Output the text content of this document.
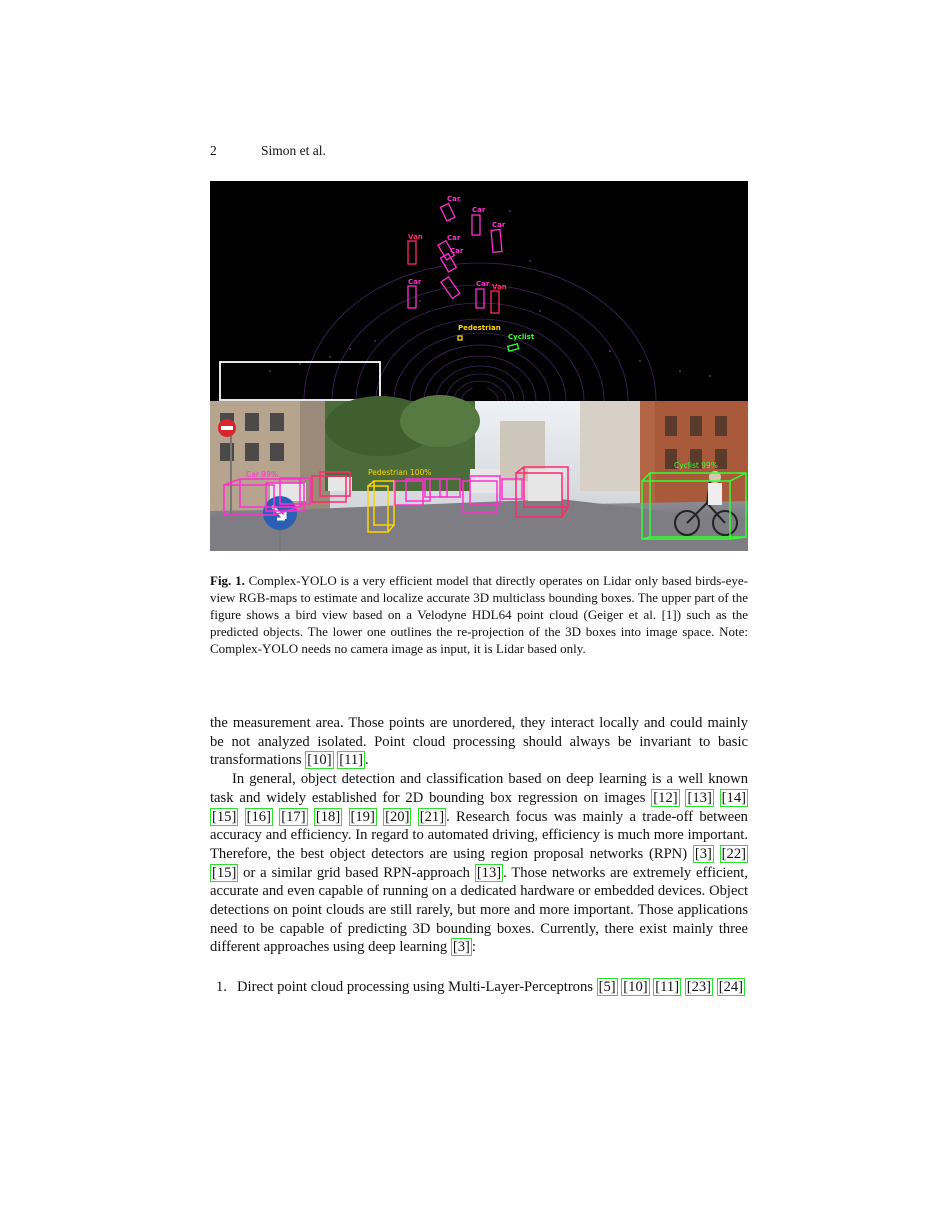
2	Simon et al.
Car
Car
Car
Van	Car
Car
Car	Car Van
Pedestrian
Cyclist
Car 99%	Pedestrian 100%
Cyclist 99%
Fig. 1. Complex-YOLO is a very efficient model that directly operates on Lidar only based birds-eye-view RGB-maps to estimate and localize accurate 3D multiclass bounding boxes. The upper part of the figure shows a bird view based on a Velodyne HDL64 point cloud (Geiger et al. [1]) such as the predicted objects. The lower one outlines the re-projection of the 3D boxes into image space. Note: Complex-YOLO needs no camera image as input, it is Lidar based only.

the measurement area. Those points are unordered, they interact locally and could mainly be not analyzed isolated. Point cloud processing should always be invariant to basic transformations [10] [11] .

In general, object detection and classification based on deep learning is a well known task and widely established for 2D bounding box regression on images [12] [13] [14] [15] [16] [17] [18] [19] [20] [21] . Research focus was mainly a trade-off between accuracy and efficiency. In regard to automated driving, efficiency is much more important. Therefore, the best object detectors are using region proposal networks (RPN) [3] [22] [15] or a similar grid based RPN-approach [13] . Those networks are extremely efficient, accurate and even capable of running on a dedicated hardware or embedded devices. Object detections on point clouds are still rarely, but more and more important. Those applications need to be capable of predicting 3D bounding boxes. Currently, there exist mainly three different approaches using deep learning [3] :

1. Direct point cloud processing using Multi-Layer-Perceptrons [5] [10] [11] [23] [24]
